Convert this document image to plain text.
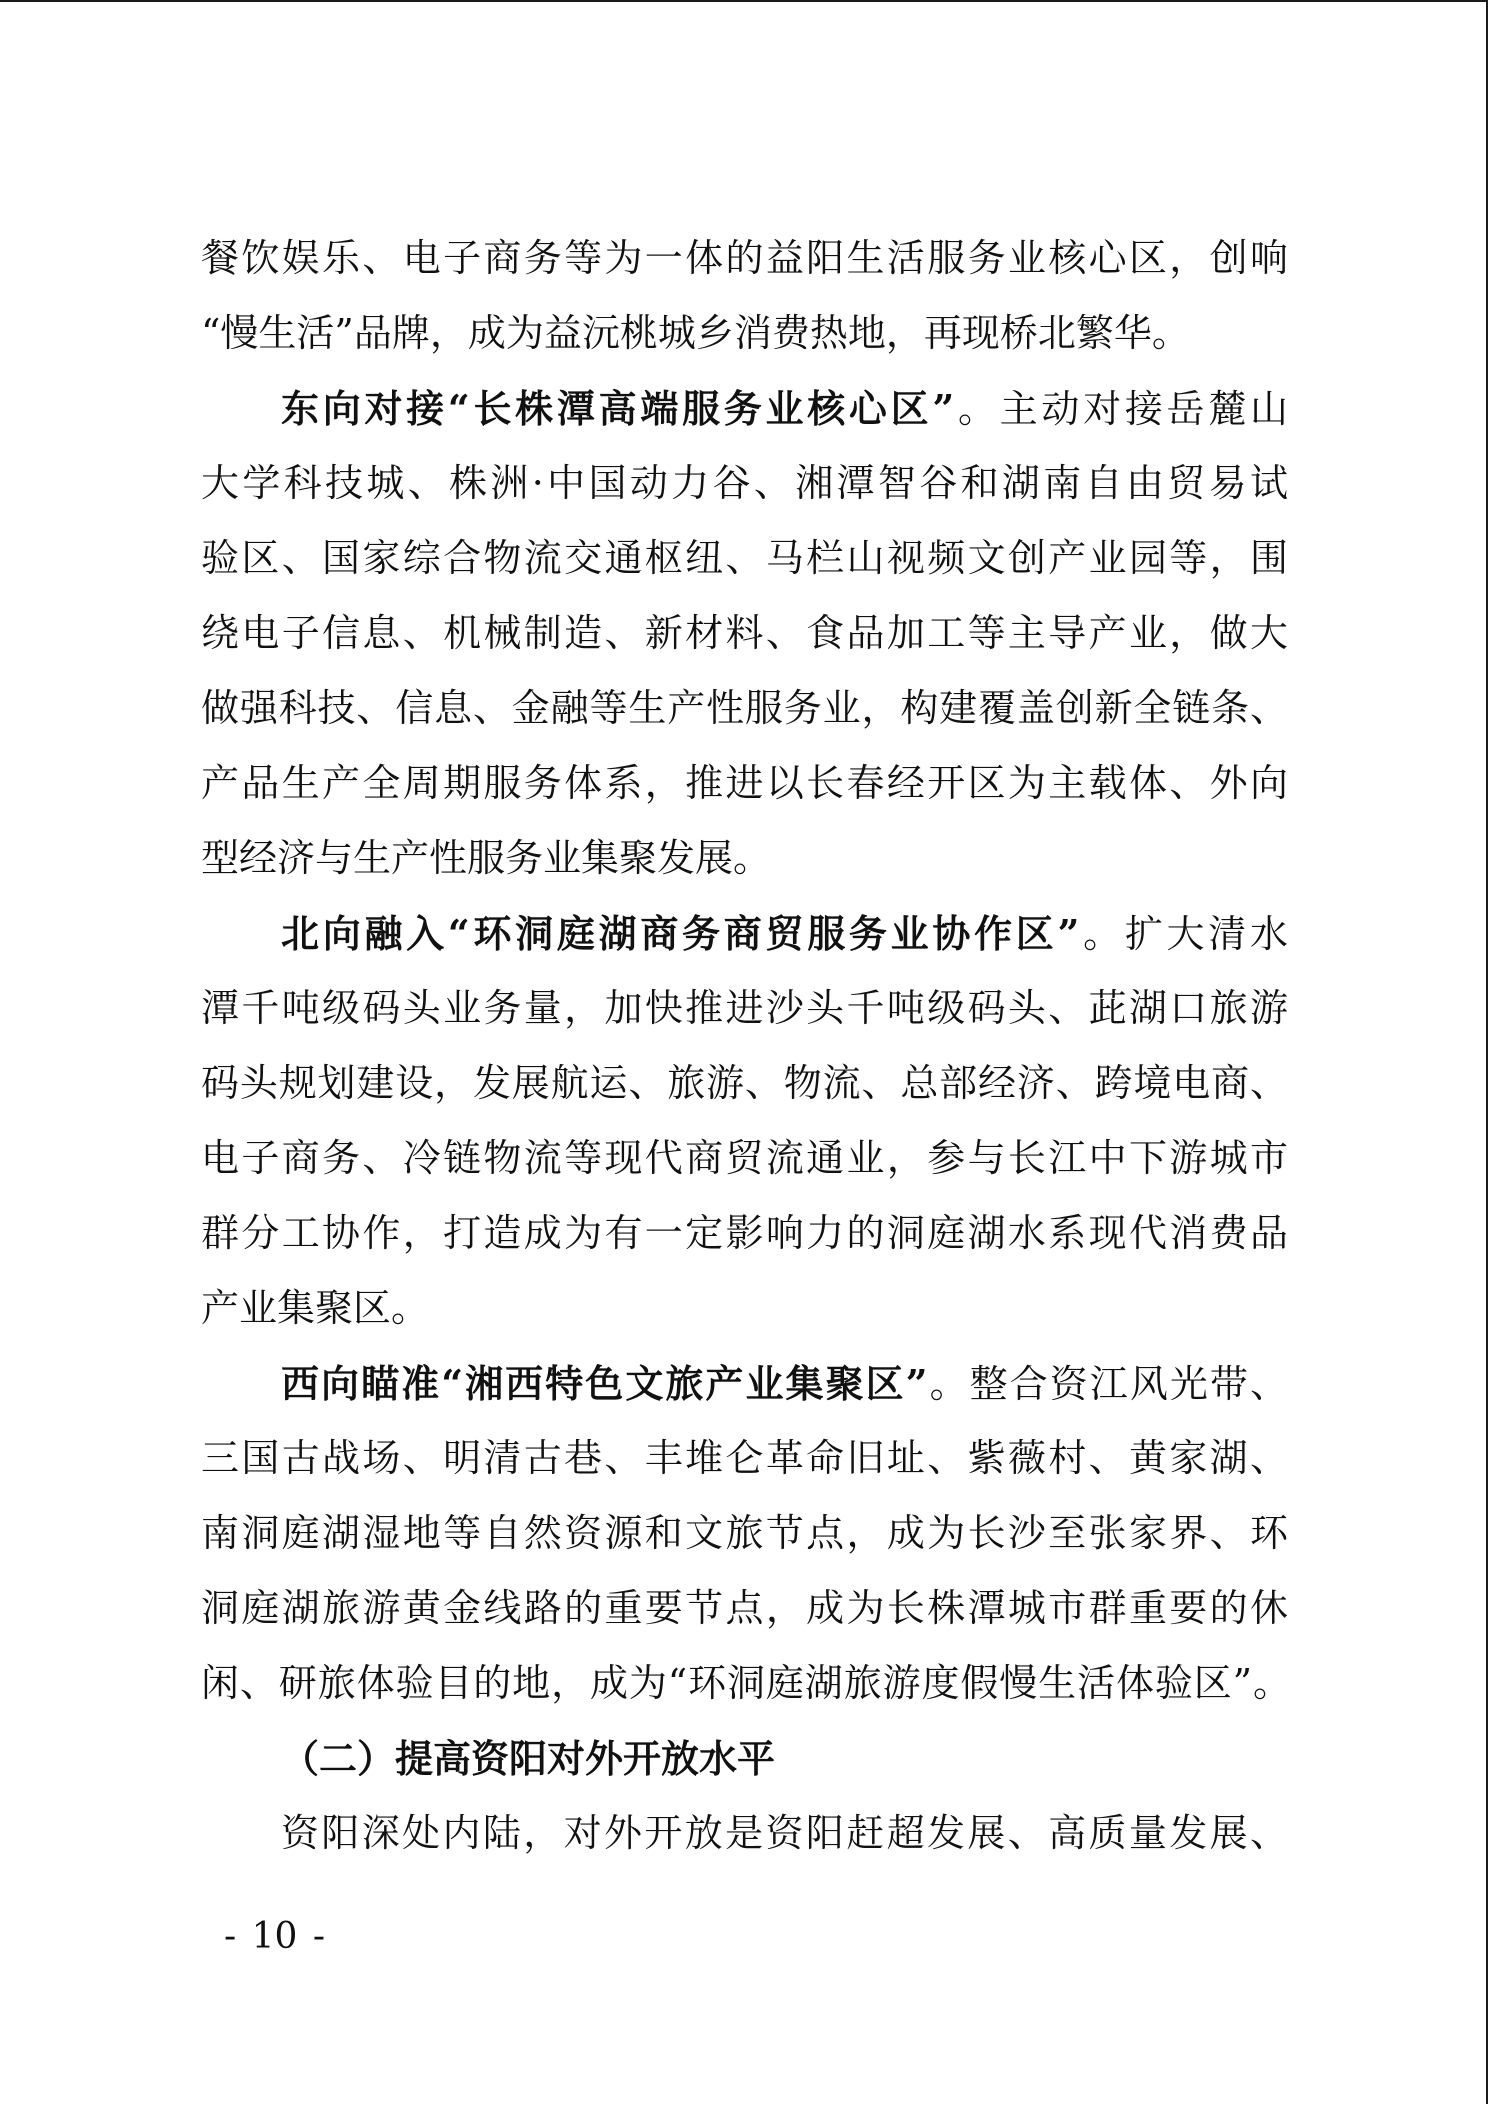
餐饮娱乐、电子商务等为一体的益阳生活服务业核心区，创响
“慢生活”品牌，成为益沅桃城乡消费热地，再现桥北繁华。
东向对接“长株潭高端服务业核心区”。主动对接岳麓山
大学科技城、株洲·中国动力谷、湘潭智谷和湖南自由贸易试
验区、国家综合物流交通枢纽、马栏山视频文创产业园等，围
绕电子信息、机械制造、新材料、食品加工等主导产业，做大
做强科技、信息、金融等生产性服务业，构建覆盖创新全链条、
产品生产全周期服务体系，推进以长春经开区为主载体、外向
型经济与生产性服务业集聚发展。
北向融入“环洞庭湖商务商贸服务业协作区”。扩大清水
潭千吨级码头业务量，加快推进沙头千吨级码头、茈湖口旅游
码头规划建设，发展航运、旅游、物流、总部经济、跨境电商、
电子商务、冷链物流等现代商贸流通业，参与长江中下游城市
群分工协作，打造成为有一定影响力的洞庭湖水系现代消费品
产业集聚区。
西向瞄准“湘西特色文旅产业集聚区”。整合资江风光带、
三国古战场、明清古巷、丰堆仑革命旧址、紫薇村、黄家湖、
南洞庭湖湿地等自然资源和文旅节点，成为长沙至张家界、环
洞庭湖旅游黄金线路的重要节点，成为长株潭城市群重要的休
闲、研旅体验目的地，成为“环洞庭湖旅游度假慢生活体验区”。
（二）提高资阳对外开放水平
资阳深处内陆，对外开放是资阳赶超发展、高质量发展、
- 10 -
